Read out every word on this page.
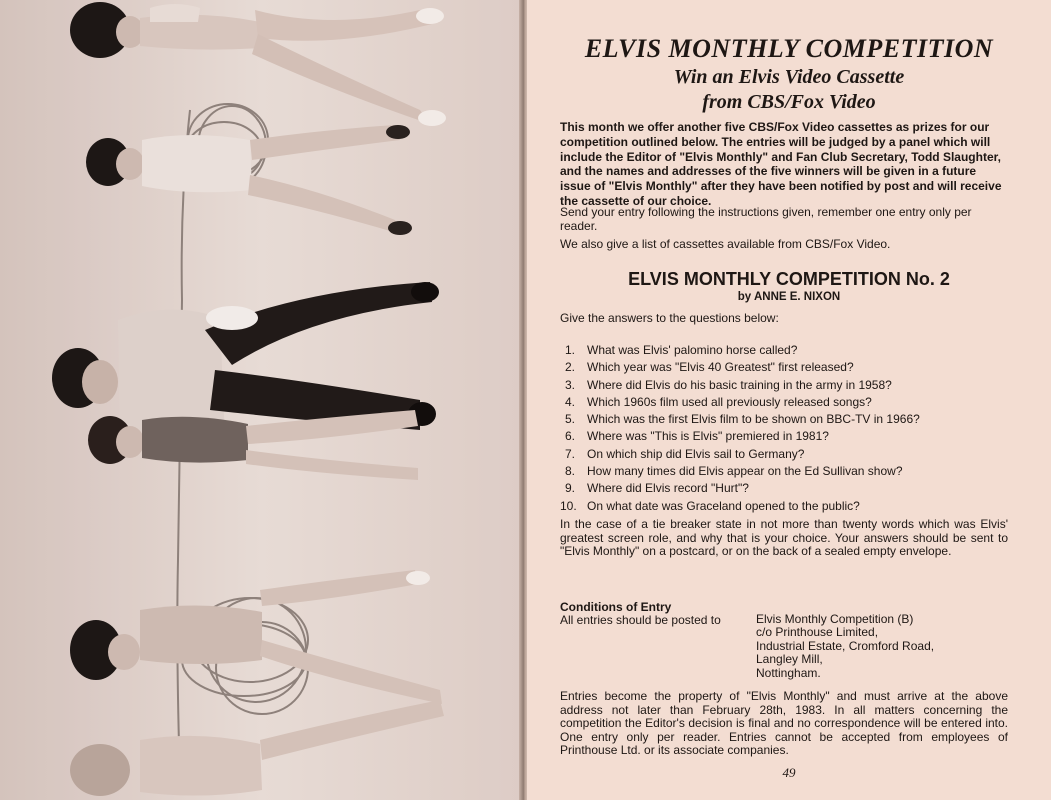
ELVIS MONTHLY COMPETITION
Win an Elvis Video Cassette
from CBS/Fox Video

This month we offer another five CBS/Fox Video cassettes as prizes for our competition outlined below. The entries will be judged by a panel which will include the Editor of "Elvis Monthly" and Fan Club Secretary, Todd Slaughter, and the names and addresses of the five winners will be given in a future issue of "Elvis Monthly" after they have been notified by post and will receive the cassette of our choice.

Send your entry following the instructions given, remember one entry only per reader.

We also give a list of cassettes available from CBS/Fox Video.

ELVIS MONTHLY COMPETITION No. 2

by ANNE E. NIXON

Give the answers to the questions below:

1. What was Elvis' palomino horse called?
2. Which year was "Elvis 40 Greatest" first released?
3. Where did Elvis do his basic training in the army in 1958?
4. Which 1960s film used all previously released songs?
5. Which was the first Elvis film to be shown on BBC-TV in 1966?
6. Where was "This is Elvis" premiered in 1981?
7. On which ship did Elvis sail to Germany?
8. How many times did Elvis appear on the Ed Sullivan show?
9. Where did Elvis record "Hurt"?
10. On what date was Graceland opened to the public?

In the case of a tie breaker state in not more than twenty words which was Elvis' greatest screen role, and why that is your choice. Your answers should be sent to "Elvis Monthly" on a postcard, or on the back of a sealed empty envelope.

Conditions of Entry

All entries should be posted to	Elvis Monthly Competition (B)
c/o Printhouse Limited,
Industrial Estate, Cromford Road,
Langley Mill,
Nottingham.

Entries become the property of "Elvis Monthly" and must arrive at the above address not later than February 28th, 1983. In all matters concerning the competition the Editor's decision is final and no correspondence will be entered into. One entry only per reader. Entries cannot be accepted from employees of Printhouse Ltd. or its associate companies.

49
